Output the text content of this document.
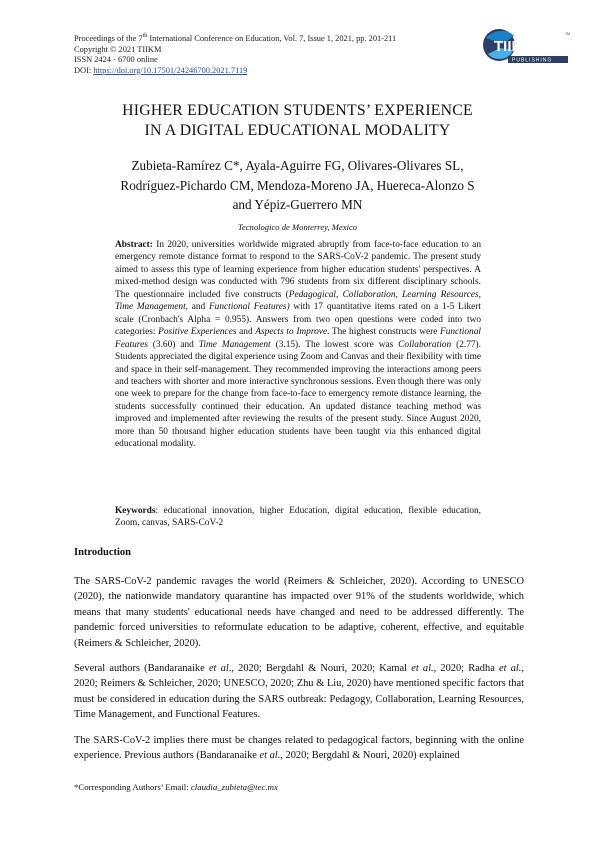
Proceedings of the 7th International Conference on Education, Vol. 7, Issue 1, 2021, pp. 201-211
Copyright © 2021 TIIKM
ISSN 2424 - 6700 online
DOI: https://doi.org/10.17501/24246700.2021.7119
TIIKM
TM
PUBLISHING
HIGHER EDUCATION STUDENTS’ EXPERIENCE
IN A DIGITAL EDUCATIONAL MODALITY
Zubieta-Ramírez C*, Ayala-Aguirre FG, Olivares-Olivares SL,
Rodríguez-Pichardo CM, Mendoza-Moreno JA, Huereca-Alonzo S
and Yépiz-Guerrero MN
Tecnologico de Monterrey, Mexico
Abstract: In 2020, universities worldwide migrated abruptly from face-to-face education to an emergency remote distance format to respond to the SARS-CoV-2 pandemic. The present study aimed to assess this type of learning experience from higher education students' perspectives. A mixed-method design was conducted with 796 students from six different disciplinary schools. The questionnaire included five constructs (Pedagogical, Collaboration, Learning Resources, Time Management, and Functional Features) with 17 quantitative items rated on a 1-5 Likert scale (Cronbach's Alpha = 0.955). Answers from two open questions were coded into two categories: Positive Experiences and Aspects to Improve. The highest constructs were Functional Features (3.60) and Time Management (3.15). The lowest score was Collaboration (2.77). Students appreciated the digital experience using Zoom and Canvas and their flexibility with time and space in their self-management. They recommended improving the interactions among peers and teachers with shorter and more interactive synchronous sessions. Even though there was only one week to prepare for the change from face-to-face to emergency remote distance learning, the students successfully continued their education. An updated distance teaching method was improved and implemented after reviewing the results of the present study. Since August 2020, more than 50 thousand higher education students have been taught via this enhanced digital educational modality.
Keywords: educational innovation, higher Education, digital education, flexible education, Zoom, canvas, SARS-CoV-2
Introduction
The SARS-CoV-2 pandemic ravages the world (Reimers & Schleicher, 2020). According to UNESCO (2020), the nationwide mandatory quarantine has impacted over 91% of the students worldwide, which means that many students' educational needs have changed and need to be addressed differently. The pandemic forced universities to reformulate education to be adaptive, coherent, effective, and equitable (Reimers & Schleicher, 2020).
Several authors (Bandaranaike et al., 2020; Bergdahl & Nouri, 2020; Kamal et al., 2020; Radha et al., 2020; Reimers & Schleicher, 2020; UNESCO, 2020; Zhu & Liu, 2020) have mentioned specific factors that must be considered in education during the SARS outbreak: Pedagogy, Collaboration, Learning Resources, Time Management, and Functional Features.
The SARS-CoV-2 implies there must be changes related to pedagogical factors, beginning with the online experience. Previous authors (Bandaranaike et al., 2020; Bergdahl & Nouri, 2020) explained
*Corresponding Authors’ Email: claudia_zubieta@tec.mx
